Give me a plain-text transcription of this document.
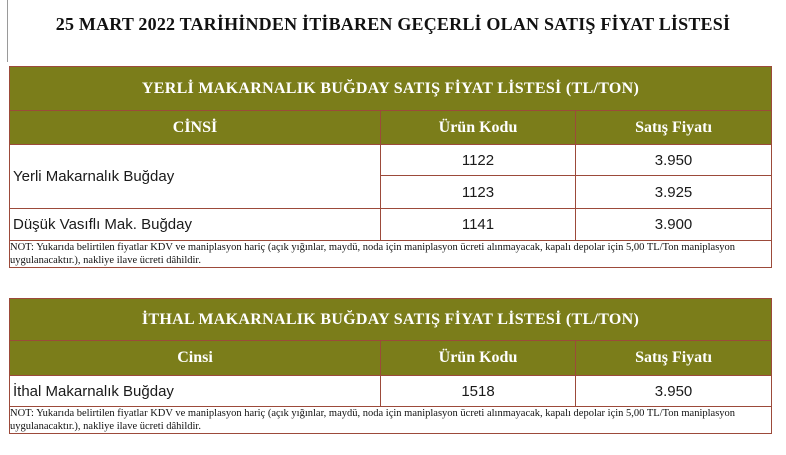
25 MART 2022 TARİHİNDEN İTİBAREN GEÇERLİ OLAN SATIŞ FİYAT LİSTESİ
YERLİ MAKARNALIK BUĞDAY SATIŞ FİYAT LİSTESİ (TL/TON)		
CİNSİ	Ürün Kodu	Satış Fiyatı
Yerli Makarnalık Buğday	1122	3.950
	1123	3.925
Düşük Vasıflı Mak. Buğday	1141	3.900
NOT: Yukarıda belirtilen fiyatlar KDV ve maniplasyon hariç (açık yığınlar, maydü, noda için maniplasyon ücreti alınmayacak, kapalı depolar için 5,00 TL/Ton maniplasyon uygulanacaktır.), nakliye ilave ücreti dâhildir.		
İTHAL MAKARNALIK BUĞDAY SATIŞ FİYAT LİSTESİ (TL/TON)		
Cinsi	Ürün Kodu	Satış Fiyatı
İthal Makarnalık Buğday	1518	3.950
NOT: Yukarıda belirtilen fiyatlar KDV ve maniplasyon hariç (açık yığınlar, maydü, noda için maniplasyon ücreti alınmayacak, kapalı depolar için 5,00 TL/Ton maniplasyon uygulanacaktır.), nakliye ilave ücreti dâhildir.		
